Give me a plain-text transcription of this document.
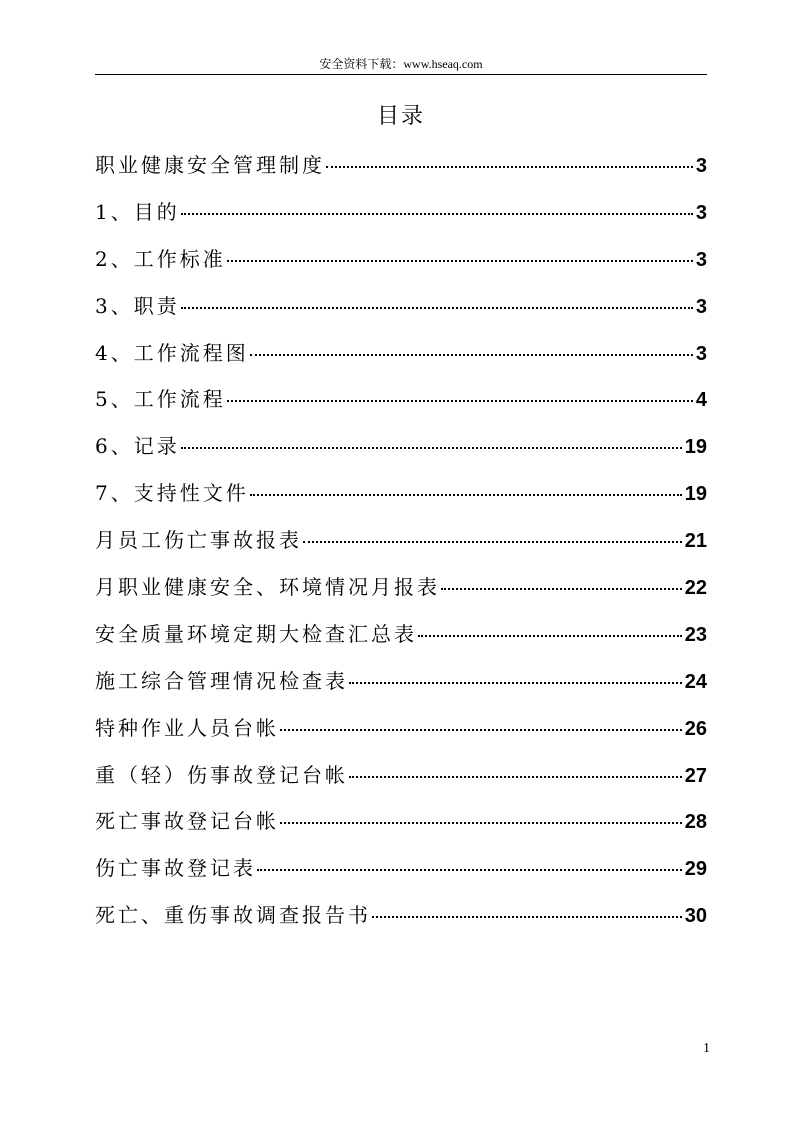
安全资料下载：www.hseaq.com
目录
职业健康安全管理制度	3
1、目的	3
2、工作标准	3
3、职责	3
4、工作流程图	3
5、工作流程	4
6、记录	19
7、支持性文件	19
月员工伤亡事故报表	21
月职业健康安全、环境情况月报表	22
安全质量环境定期大检查汇总表	23
施工综合管理情况检查表	24
特种作业人员台帐	26
重（轻）伤事故登记台帐	27
死亡事故登记台帐	28
伤亡事故登记表	29
死亡、重伤事故调查报告书	30
1
